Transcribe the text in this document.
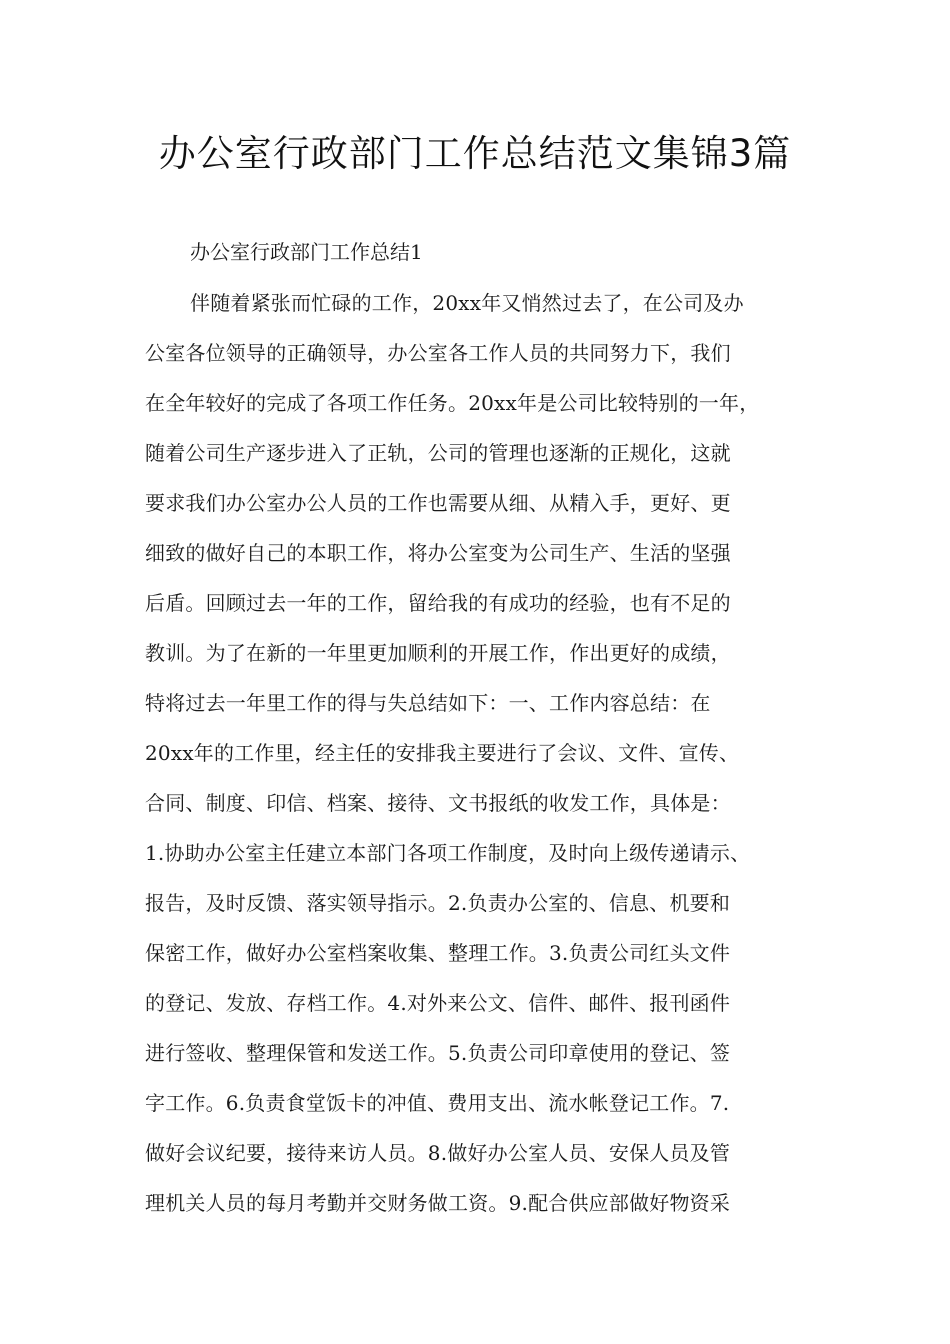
办公室行政部门工作总结范文集锦3篇
办公室行政部门工作总结1
伴随着紧张而忙碌的工作，20xx年又悄然过去了，在公司及办
公室各位领导的正确领导，办公室各工作人员的共同努力下，我们
在全年较好的完成了各项工作任务。20xx年是公司比较特别的一年，
随着公司生产逐步进入了正轨，公司的管理也逐渐的正规化，这就
要求我们办公室办公人员的工作也需要从细、从精入手，更好、更
细致的做好自己的本职工作，将办公室变为公司生产、生活的坚强
后盾。回顾过去一年的工作，留给我的有成功的经验，也有不足的
教训。为了在新的一年里更加顺利的开展工作，作出更好的成绩，
特将过去一年里工作的得与失总结如下：一、工作内容总结：在
20xx年的工作里，经主任的安排我主要进行了会议、文件、宣传、
合同、制度、印信、档案、接待、文书报纸的收发工作，具体是：
1.协助办公室主任建立本部门各项工作制度，及时向上级传递请示、
报告，及时反馈、落实领导指示。2.负责办公室的、信息、机要和
保密工作，做好办公室档案收集、整理工作。3.负责公司红头文件
的登记、发放、存档工作。4.对外来公文、信件、邮件、报刊函件
进行签收、整理保管和发送工作。5.负责公司印章使用的登记、签
字工作。6.负责食堂饭卡的冲值、费用支出、流水帐登记工作。7.
做好会议纪要，接待来访人员。8.做好办公室人员、安保人员及管
理机关人员的每月考勤并交财务做工资。9.配合供应部做好物资采
